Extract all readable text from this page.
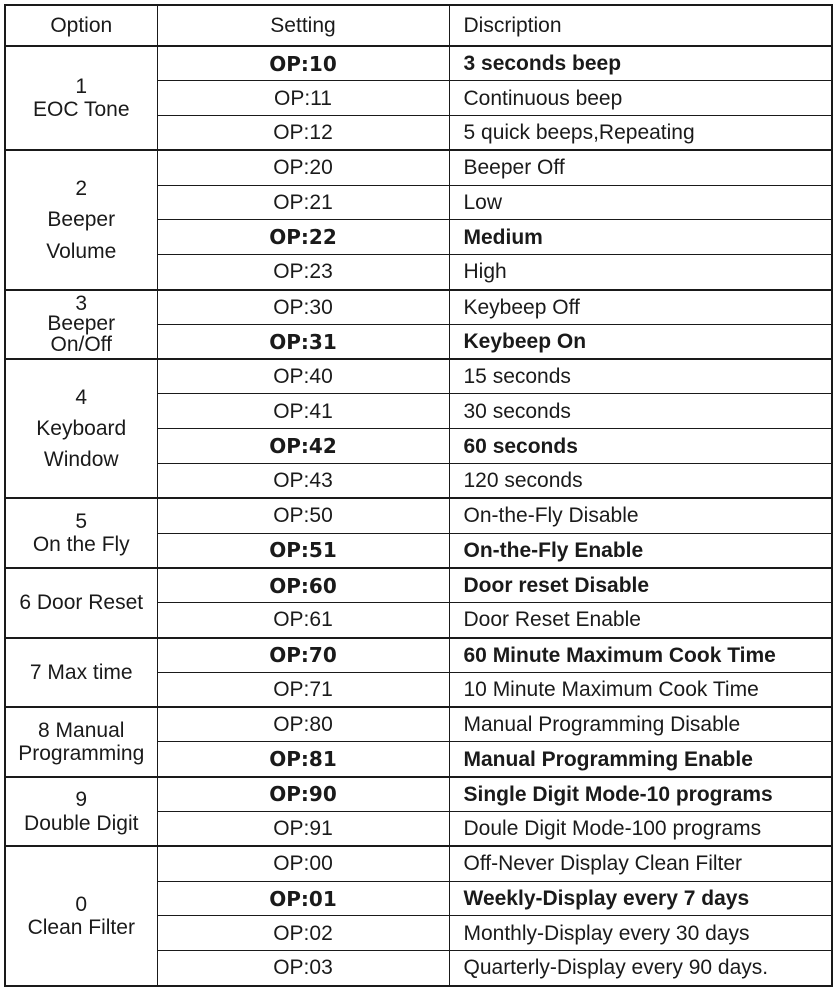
Option	Setting	Discription

1
EOC Tone	OP:10	3 seconds beep
	OP:11	Continuous beep
	OP:12	5 quick beeps,Repeating

2
Beeper
Volume	OP:20	Beeper Off
	OP:21	Low
	OP:22	Medium
	OP:23	High

3
Beeper
On/Off	OP:30	Keybeep Off
	OP:31	Keybeep On

4
Keyboard
Window	OP:40	15 seconds
	OP:41	30 seconds
	OP:42	60 seconds
	OP:43	120 seconds

5
On the Fly	OP:50	On-the-Fly Disable
	OP:51	On-the-Fly Enable

6 Door Reset	OP:60	Door reset Disable
	OP:61	Door Reset Enable

7 Max time	OP:70	60 Minute Maximum Cook Time
	OP:71	10 Minute Maximum Cook Time

8 Manual
Programming	OP:80	Manual Programming Disable
	OP:81	Manual Programming Enable

9
Double Digit	OP:90	Single Digit Mode-10 programs
	OP:91	Doule Digit Mode-100 programs

0
Clean Filter	OP:00	Off-Never Display Clean Filter
	OP:01	Weekly-Display every 7 days
	OP:02	Monthly-Display every 30 days
	OP:03	Quarterly-Display every 90 days.
